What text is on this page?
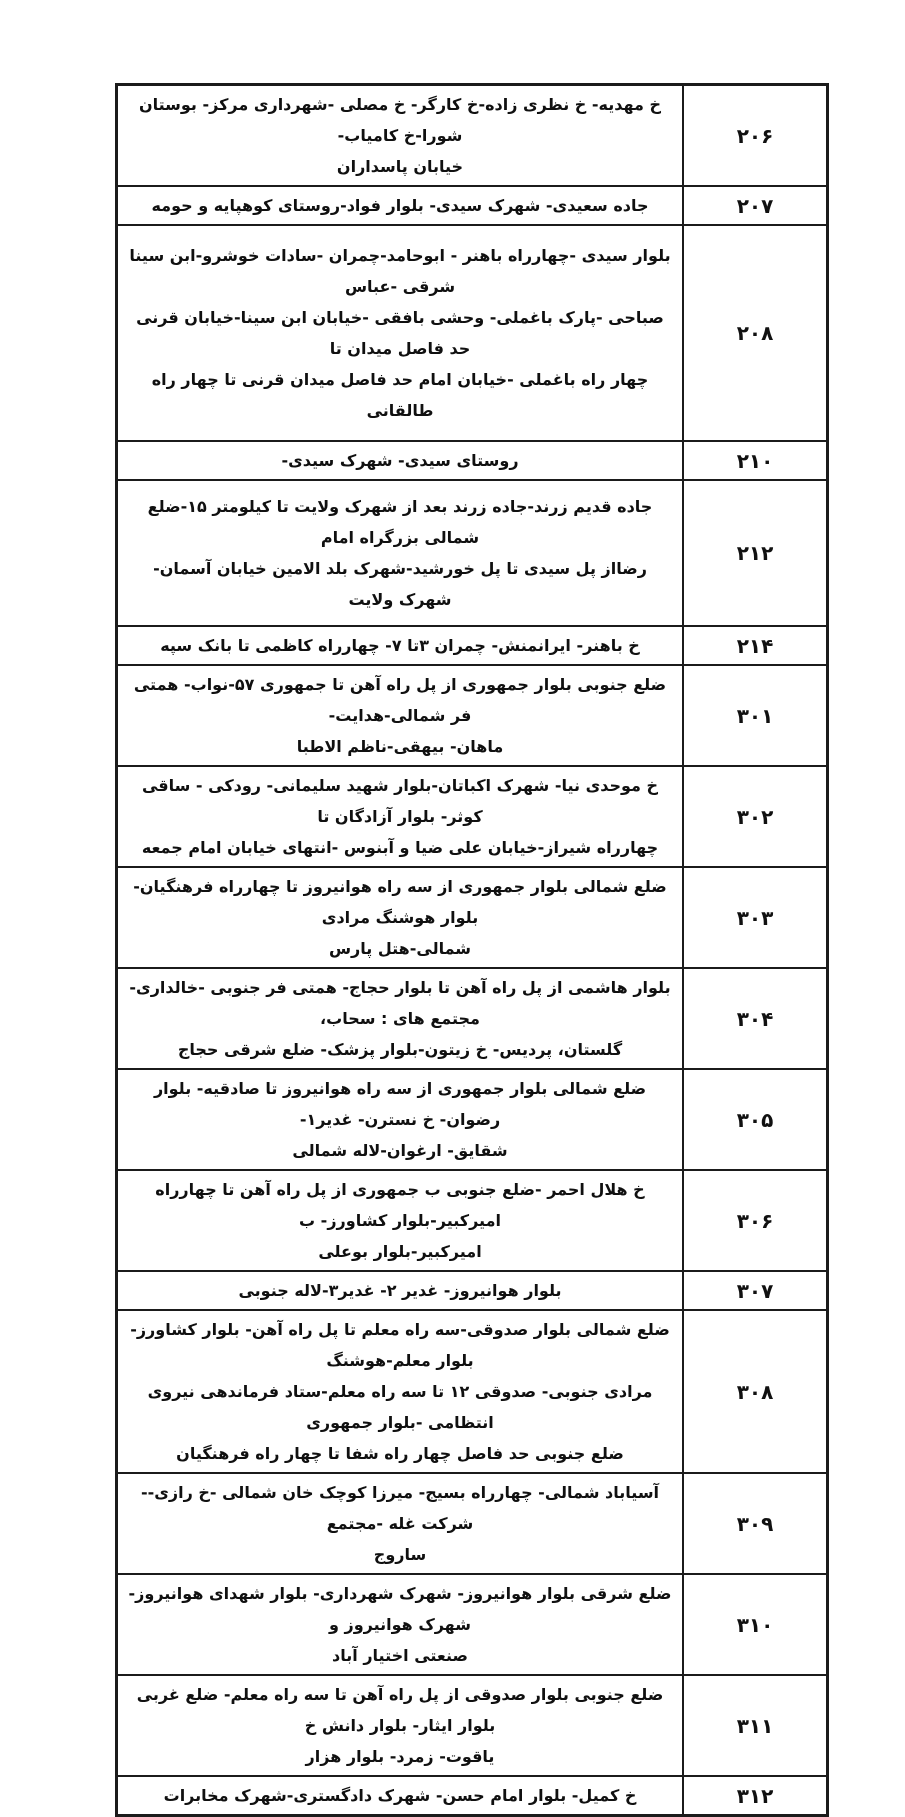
۲۰۶	خ مهدیه- خ نظری زاده-خ کارگر- خ مصلی -شهرداری مرکز- بوستان شورا-خ کامیاب-
خیابان پاسداران

۲۰۷	جاده سعیدی- شهرک سیدی- بلوار فواد-روستای کوهپایه و حومه

۲۰۸	بلوار سیدی -چهارراه باهنر - ابوحامد-چمران -سادات خوشرو-ابن سینا شرقی -عباس
صباحی -پارک باغملی- وحشی بافقی -خیابان ابن سینا-خیابان قرنی حد فاصل میدان تا
چهار راه باغملی -خیابان امام حد فاصل میدان قرنی تا چهار راه طالقانی

۲۱۰	روستای سیدی- شهرک سیدی-

۲۱۲	جاده قدیم زرند-جاده زرند بعد از شهرک ولایت تا کیلومتر ۱۵-ضلع شمالی بزرگراه امام
رضااز پل سیدی تا پل خورشید-شهرک بلد الامین خیابان آسمان-شهرک ولایت

۲۱۴	خ باهنر- ایرانمنش- چمران ۳تا ۷- چهارراه کاظمی تا بانک سپه

۳۰۱	ضلع جنوبی بلوار جمهوری از پل راه آهن تا جمهوری ۵۷-نواب- همتی فر شمالی-هدایت-
ماهان- بیهقی-ناظم الاطبا

۳۰۲	خ موحدی نیا- شهرک اکباتان-بلوار شهید سلیمانی- رودکی - ساقی کوثر- بلوار آزادگان تا
چهارراه شیراز-خیابان علی ضیا و آبنوس -انتهای خیابان امام جمعه

۳۰۳	ضلع شمالی بلوار جمهوری از سه راه هوانیروز تا چهارراه فرهنگیان- بلوار هوشنگ مرادی
شمالی-هتل پارس

۳۰۴	بلوار هاشمی از پل راه آهن تا بلوار حجاج- همتی فر جنوبی -خالداری- مجتمع های : سحاب،
گلستان، پردیس- خ زیتون-بلوار پزشک- ضلع شرقی حجاج

۳۰۵	ضلع شمالی بلوار جمهوری از سه راه هوانیروز تا صادقیه- بلوار رضوان- خ نسترن- غدیر۱-
شقایق- ارغوان-لاله شمالی

۳۰۶	خ هلال احمر -ضلع جنوبی ب جمهوری از پل راه آهن تا چهارراه امیرکبیر-بلوار کشاورز- ب
امیرکبیر-بلوار بوعلی

۳۰۷	بلوار هوانیروز- غدیر ۲- غدیر۳-لاله جنوبی

۳۰۸	ضلع شمالی بلوار صدوقی-سه راه معلم تا پل راه آهن- بلوار کشاورز- بلوار معلم-هوشنگ
مرادی جنوبی- صدوقی ۱۲ تا سه راه معلم-ستاد فرماندهی نیروی انتظامی -بلوار جمهوری
ضلع جنوبی حد فاصل چهار راه شفا تا چهار راه فرهنگیان

۳۰۹	آسیاباد شمالی- چهارراه بسیج- میرزا کوچک خان شمالی -خ رازی--شرکت غله -مجتمع
ساروج

۳۱۰	ضلع شرقی بلوار هوانیروز- شهرک شهرداری- بلوار شهدای هوانیروز- شهرک هوانیروز و
صنعتی اختیار آباد

۳۱۱	ضلع جنوبی بلوار صدوقی از پل راه آهن تا سه راه معلم- ضلع غربی بلوار ایثار- بلوار دانش خ
یاقوت- زمرد- بلوار هزار

۳۱۲	خ کمیل- بلوار امام حسن- شهرک دادگستری-شهرک مخابرات
